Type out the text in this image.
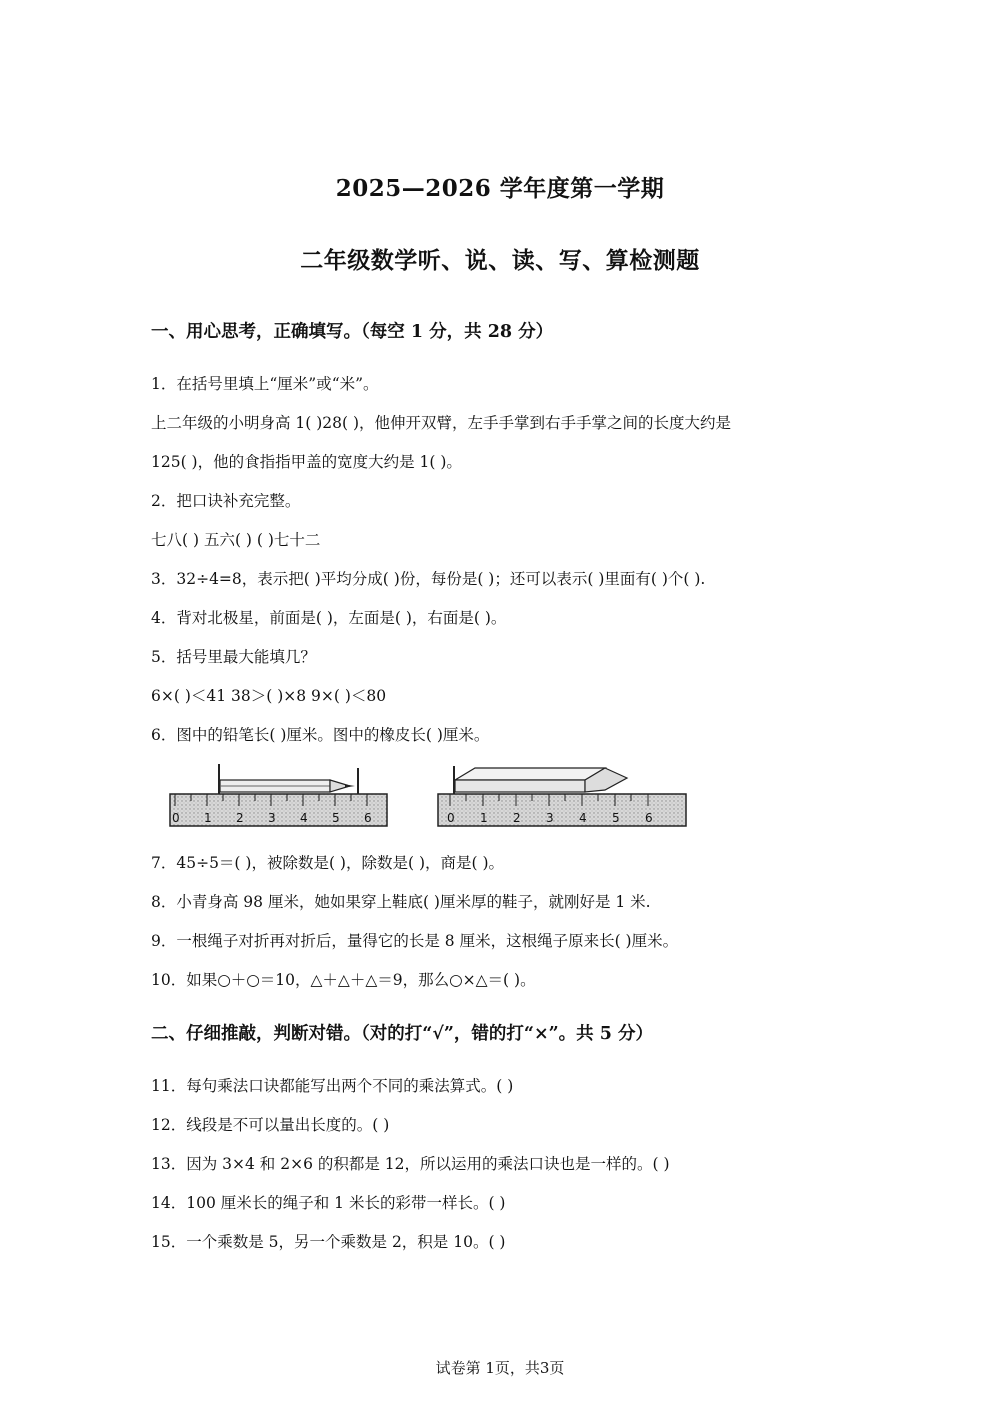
2025—2026 学年度第一学期
二年级数学听、说、读、写、算检测题
一、用心思考，正确填写。（每空 1 分，共 28 分）
1．在括号里填上“厘米”或“米”。
上二年级的小明身高 1( )28( )，他伸开双臂，左手手掌到右手手掌之间的长度大约是
125( )，他的食指指甲盖的宽度大约是 1( )。
2．把口诀补充完整。
七八( ) 五六( ) ( )七十二
3．32÷4=8，表示把( )平均分成( )份，每份是( )；还可以表示( )里面有( )个( ).
4．背对北极星，前面是( )，左面是( )，右面是( )。
5．括号里最大能填几？
6×( )＜41 38＞( )×8 9×( )＜80
6．图中的铅笔长( )厘米。图中的橡皮长( )厘米。
0 1 2 3 4 5 6	0 1 2 3 4 5 6
7．45÷5＝( )，被除数是( )，除数是( )，商是( )。
8．小青身高 98 厘米，她如果穿上鞋底( )厘米厚的鞋子，就刚好是 1 米.
9．一根绳子对折再对折后，量得它的长是 8 厘米，这根绳子原来长( )厘米。
10．如果○＋○＝10，△＋△＋△＝9，那么○×△＝( )。
二、仔细推敲，判断对错。（对的打“√”，错的打“×”。共 5 分）
11．每句乘法口诀都能写出两个不同的乘法算式。( )
12．线段是不可以量出长度的。( )
13．因为 3×4 和 2×6 的积都是 12，所以运用的乘法口诀也是一样的。( )
14．100 厘米长的绳子和 1 米长的彩带一样长。( )
15．一个乘数是 5，另一个乘数是 2，积是 10。( )
试卷第 1页，共3页
